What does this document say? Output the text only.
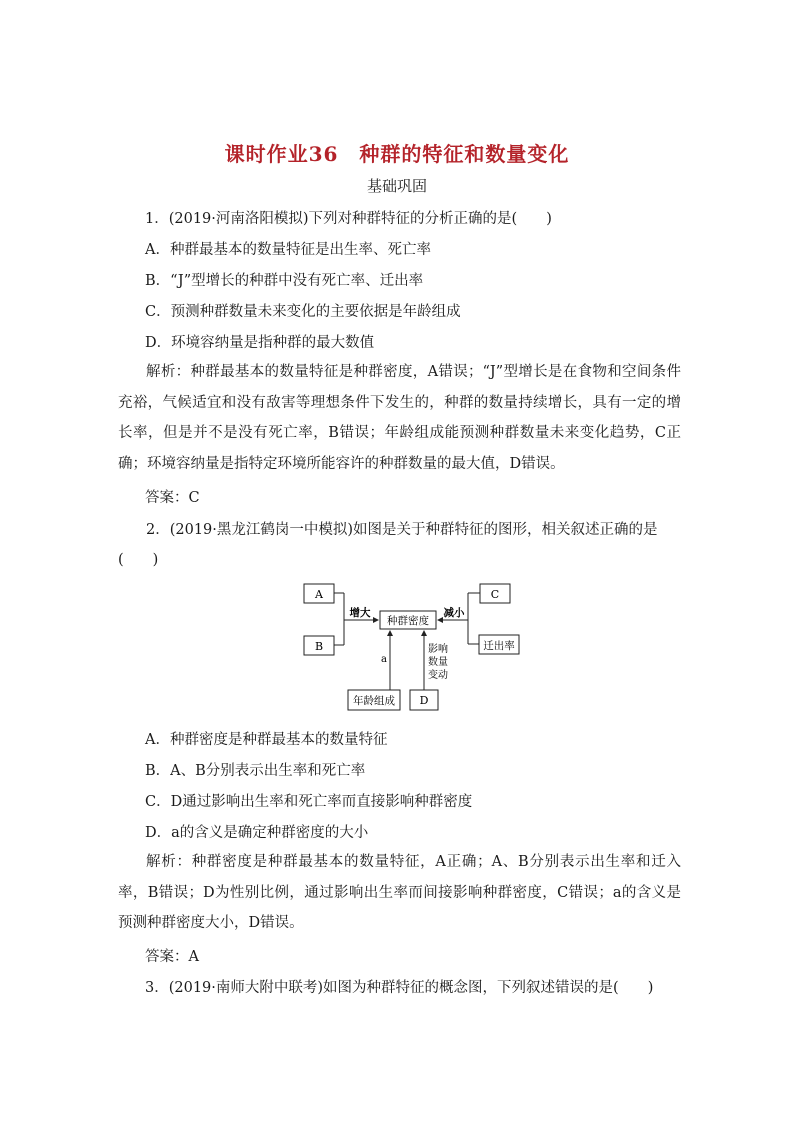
课时作业36　种群的特征和数量变化
基础巩固
1．(2019·河南洛阳模拟)下列对种群特征的分析正确的是(　　)
A．种群最基本的数量特征是出生率、死亡率
B．“J”型增长的种群中没有死亡率、迁出率
C．预测种群数量未来变化的主要依据是年龄组成
D．环境容纳量是指种群的最大数值
解析：种群最基本的数量特征是种群密度，A错误；“J”型增长是在食物和空间条件充裕，气候适宜和没有敌害等理想条件下发生的，种群的数量持续增长，具有一定的增长率，但是并不是没有死亡率，B错误；年龄组成能预测种群数量未来变化趋势，C正确；环境容纳量是指特定环境所能容许的种群数量的最大值，D错误。
答案：C
2．(2019·黑龙江鹤岗一中模拟)如图是关于种群特征的图形，相关叙述正确的是(　　)
A
B
增大
种群密度
C
迁出率
减小
年龄组成 D
a
影响
数量
变动
A．种群密度是种群最基本的数量特征
B．A、B分别表示出生率和死亡率
C．D通过影响出生率和死亡率而直接影响种群密度
D．a的含义是确定种群密度的大小
解析：种群密度是种群最基本的数量特征，A正确；A、B分别表示出生率和迁入率，B错误；D为性别比例，通过影响出生率而间接影响种群密度，C错误；a的含义是预测种群密度大小，D错误。
答案：A
3．(2019·南师大附中联考)如图为种群特征的概念图，下列叙述错误的是(　　)
